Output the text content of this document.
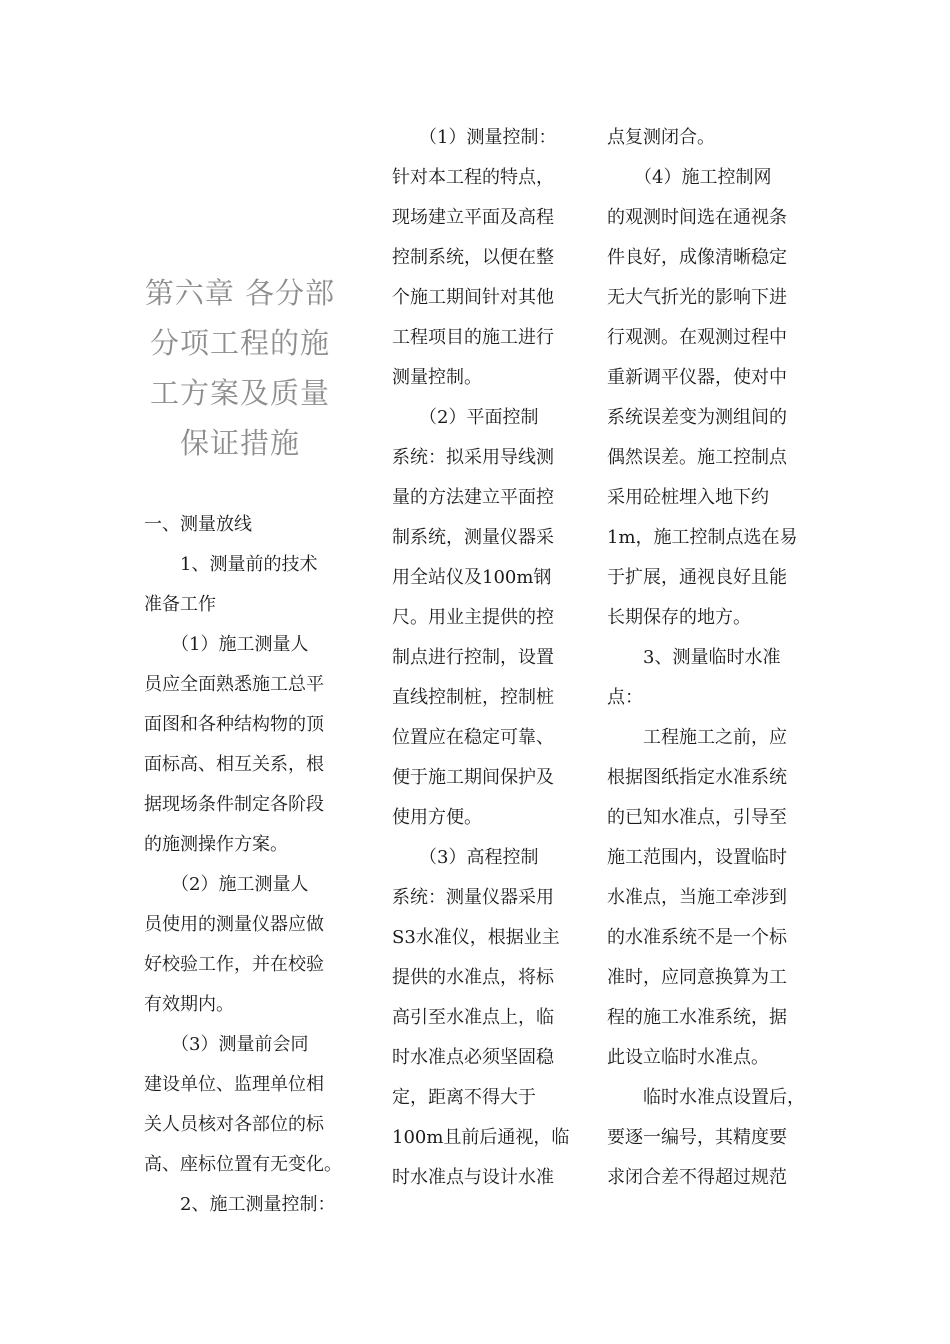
第六章 各分部
分项工程的施
工方案及质量
保证措施
一、测量放线
　　1、测量前的技术
准备工作
　　（1）施工测量人
员应全面熟悉施工总平
面图和各种结构物的顶
面标高、相互关系，根
据现场条件制定各阶段
的施测操作方案。
　　（2）施工测量人
员使用的测量仪器应做
好校验工作，并在校验
有效期内。
　　（3）测量前会同
建设单位、监理单位相
关人员核对各部位的标
高、座标位置有无变化。
　　2、施工测量控制：
　　（1）测量控制：
针对本工程的特点，
现场建立平面及高程
控制系统，以便在整
个施工期间针对其他
工程项目的施工进行
测量控制。
　　（2）平面控制
系统：拟采用导线测
量的方法建立平面控
制系统，测量仪器采
用全站仪及100m钢
尺。用业主提供的控
制点进行控制，设置
直线控制桩，控制桩
位置应在稳定可靠、
便于施工期间保护及
使用方便。
　　（3）高程控制
系统：测量仪器采用
S3水准仪，根据业主
提供的水准点，将标
高引至水准点上，临
时水准点必须坚固稳
定，距离不得大于
100m且前后通视，临
时水准点与设计水准
点复测闭合。
　　（4）施工控制网
的观测时间选在通视条
件良好，成像清晰稳定
无大气折光的影响下进
行观测。在观测过程中
重新调平仪器，使对中
系统误差变为测组间的
偶然误差。施工控制点
采用砼桩埋入地下约
1m，施工控制点选在易
于扩展，通视良好且能
长期保存的地方。
　　3、测量临时水准
点：
　　工程施工之前，应
根据图纸指定水准系统
的已知水准点，引导至
施工范围内，设置临时
水准点，当施工牵涉到
的水准系统不是一个标
准时，应同意换算为工
程的施工水准系统，据
此设立临时水准点。
　　临时水准点设置后，
要逐一编号，其精度要
求闭合差不得超过规范
